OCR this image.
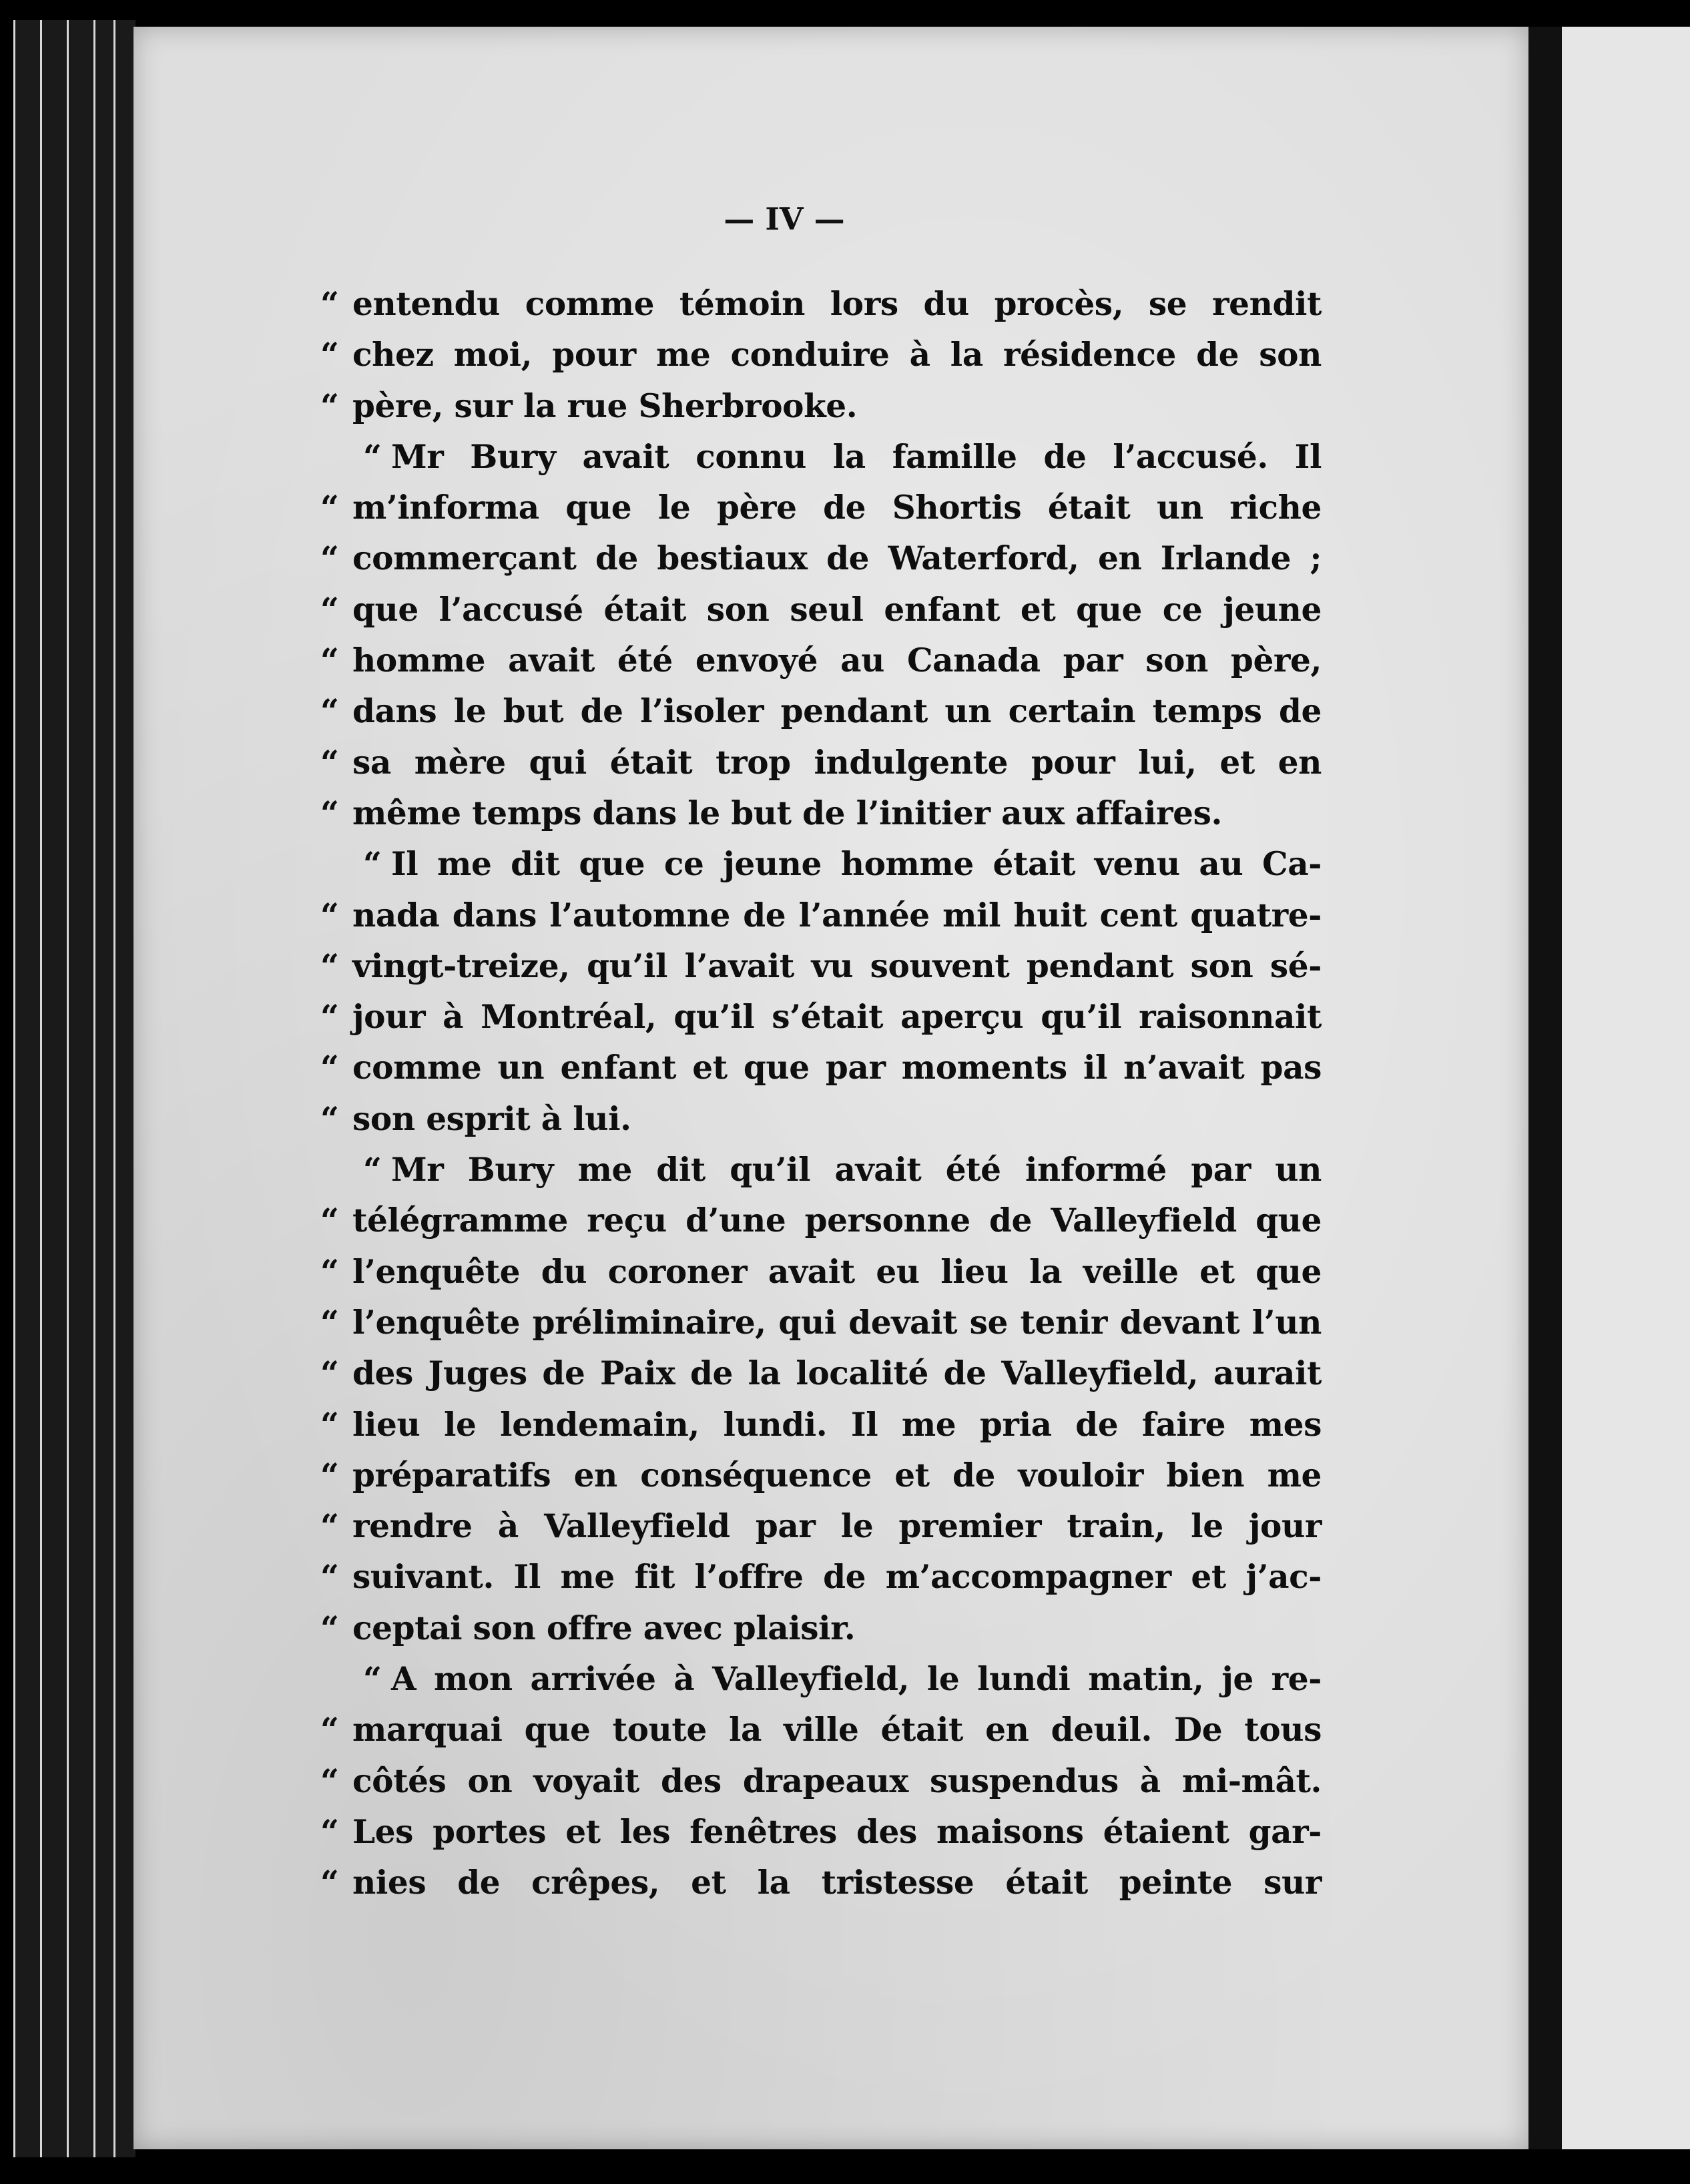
— IV —
“ entendu comme témoin lors du procès, se rendit
“ chez moi, pour me conduire à la résidence de son
“ père, sur la rue Sherbrooke.
“ Mr Bury avait connu la famille de l’accusé. Il
“ m’informa que le père de Shortis était un riche
“ commerçant de bestiaux de Waterford, en Irlande ;
“ que l’accusé était son seul enfant et que ce jeune
“ homme avait été envoyé au Canada par son père,
“ dans le but de l’isoler pendant un certain temps de
“ sa mère qui était trop indulgente pour lui, et en
“ même temps dans le but de l’initier aux affaires.
“ Il me dit que ce jeune homme était venu au Ca-
“ nada dans l’automne de l’année mil huit cent quatre-
“ vingt-treize, qu’il l’avait vu souvent pendant son sé-
“ jour à Montréal, qu’il s’était aperçu qu’il raisonnait
“ comme un enfant et que par moments il n’avait pas
“ son esprit à lui.
“ Mr Bury me dit qu’il avait été informé par un
“ télégramme reçu d’une personne de Valleyfield que
“ l’enquête du coroner avait eu lieu la veille et que
“ l’enquête préliminaire, qui devait se tenir devant l’un
“ des Juges de Paix de la localité de Valleyfield, aurait
“ lieu le lendemain, lundi. Il me pria de faire mes
“ préparatifs en conséquence et de vouloir bien me
“ rendre à Valleyfield par le premier train, le jour
“ suivant. Il me fit l’offre de m’accompagner et j’ac-
“ ceptai son offre avec plaisir.
“ A mon arrivée à Valleyfield, le lundi matin, je re-
“ marquai que toute la ville était en deuil. De tous
“ côtés on voyait des drapeaux suspendus à mi-mât.
“ Les portes et les fenêtres des maisons étaient gar-
“ nies de crêpes, et la tristesse était peinte sur
